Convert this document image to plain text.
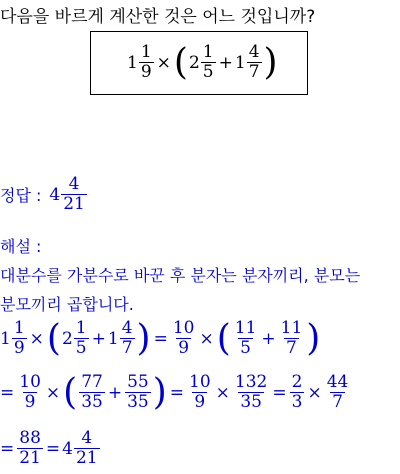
다음을 바르게 계산한 것은 어느 것입니까?
$1 \frac{1}{9}$ × ( $2 \frac{1}{5} + 1 \frac{4}{7}$ )
정답 : $4 \frac{4}{21}$
해설 :
대분수를 가분수로 바꾼 후 분자는 분자끼리, 분모는
분모끼리 곱합니다.
$1 \frac{1}{9}$ × ( $2 \frac{1}{5} + 1 \frac{4}{7}$ ) = $\frac{10}{9}$ × ( $\frac{11}{5} + \frac{11}{7}$ )
= $\frac{10}{9}$ × ( $\frac{77}{35} + \frac{55}{35}$ ) = $\frac{10}{9} \times \frac{132}{35} = \frac{2}{3} \times \frac{44}{7}$
= $\frac{88}{21} = 4 \frac{4}{21}$
